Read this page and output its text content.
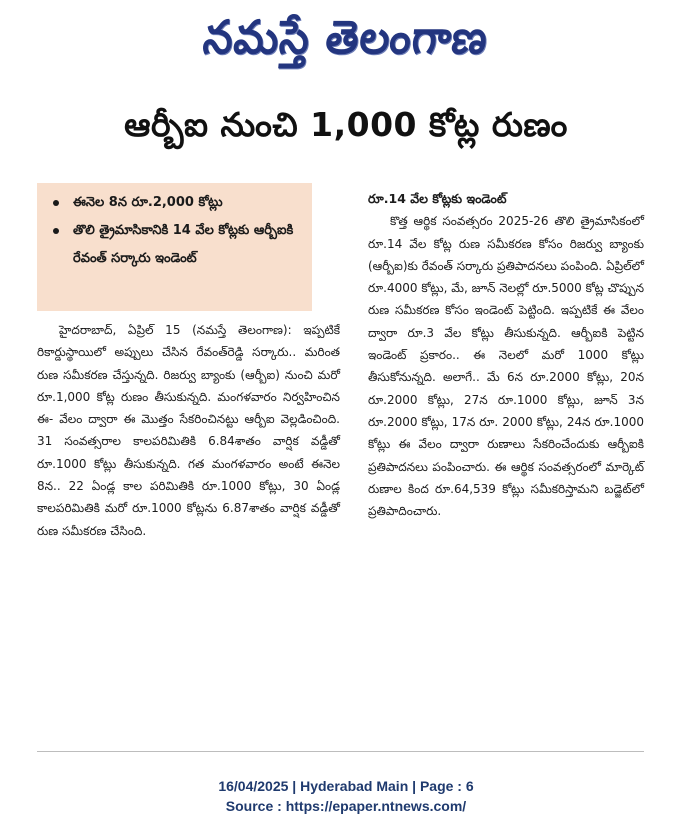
నమస్తే తెలంగాణ
ఆర్బీఐ నుంచి 1,000 కోట్ల రుణం
ఈనెల 8న రూ.2,000 కోట్లు
తొలి త్రైమాసికానికి 14 వేల కోట్లకు ఆర్బీఐకి రేవంత్ సర్కారు ఇండెంట్

హైదరాబాద్, ఏప్రిల్ 15 (నమస్తే తెలంగాణ): ఇప్పటికే రికార్డుస్థాయిలో అప్పులు చేసిన రేవంత్‌రెడ్డి సర్కారు.. మరింత రుణ సమీకరణ చేస్తున్నది. రిజర్వు బ్యాంకు (ఆర్బీఐ) నుంచి మరో రూ.1,000 కోట్ల రుణం తీసుకున్నది. మంగళవారం నిర్వహించిన ఈ- వేలం ద్వారా ఈ మొత్తం సేకరించినట్టు ఆర్బీఐ వెల్లడించింది. 31 సంవత్సరాల కాలపరిమితికి 6.84శాతం వార్షిక వడ్డీతో రూ.1000 కోట్లు తీసుకున్నది. గత మంగళవారం అంటే ఈనెల 8న.. 22 ఏండ్ల కాల పరిమితికి రూ.1000 కోట్లు, 30 ఏండ్ల కాలపరిమితికి మరో రూ.1000 కోట్లను 6.87శాతం వార్షిక వడ్డీతో రుణ సమీకరణ చేసింది.

రూ.14 వేల కోట్లకు ఇండెంట్

కొత్త ఆర్థిక సంవత్సరం 2025-26 తొలి త్రైమాసికంలో రూ.14 వేల కోట్ల రుణ సమీకరణ కోసం రిజర్వు బ్యాంకు (ఆర్బీఐ)కు రేవంత్ సర్కారు ప్రతిపాదనలు పంపింది. ఏప్రిల్‌లో రూ.4000 కోట్లు, మే, జూన్ నెలల్లో రూ.5000 కోట్ల చొప్పున రుణ సమీకరణ కోసం ఇండెంట్ పెట్టింది. ఇప్పటికే ఈ వేలం ద్వారా రూ.3 వేల కోట్లు తీసుకున్నది. ఆర్బీఐకి పెట్టిన ఇండెంట్ ప్రకారం.. ఈ నెలలో మరో 1000 కోట్లు తీసుకోనున్నది. అలాగే.. మే 6న రూ.2000 కోట్లు, 20న రూ.2000 కోట్లు, 27న రూ.1000 కోట్లు, జూన్ 3న రూ.2000 కోట్లు, 17న రూ. 2000 కోట్లు, 24న రూ.1000 కోట్లు ఈ వేలం ద్వారా రుణాలు సేకరించేందుకు ఆర్బీఐకి ప్రతిపాదనలు పంపించారు. ఈ ఆర్థిక సంవత్సరంలో మార్కెట్ రుణాల కింద రూ.64,539 కోట్లు సమీకరిస్తామని బడ్జెట్‌లో ప్రతిపాదించారు.

16/04/2025 | Hyderabad Main | Page : 6
Source : https://epaper.ntnews.com/
